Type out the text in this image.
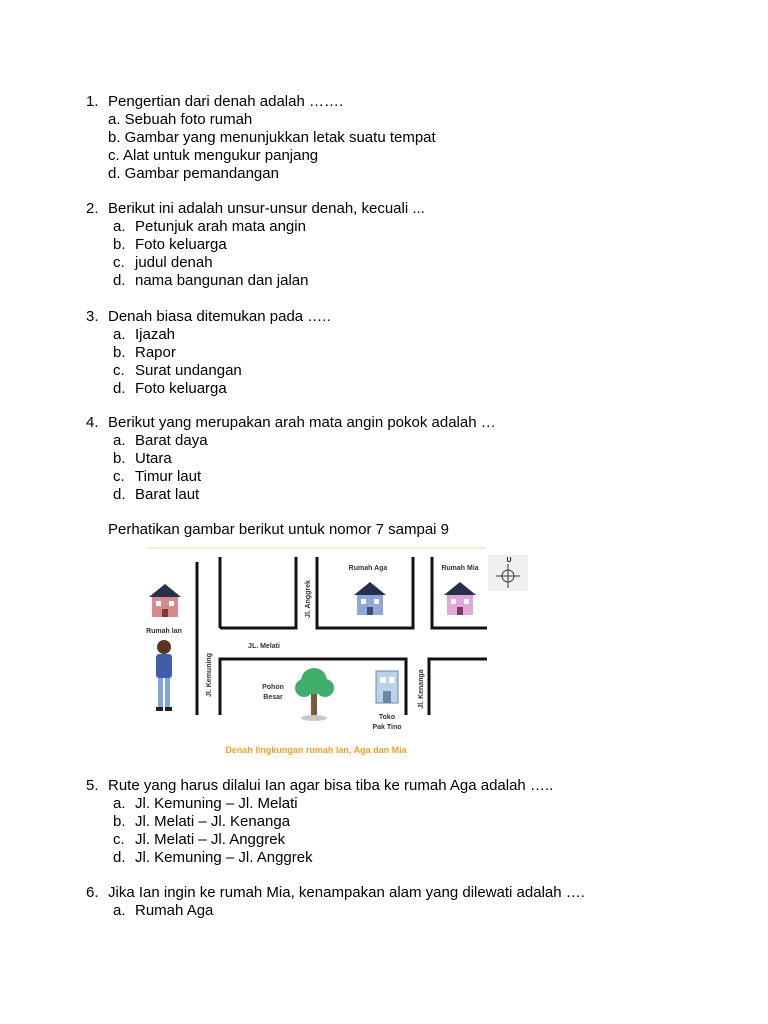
1. Pengertian dari denah adalah …….
a. Sebuah foto rumah
b. Gambar yang menunjukkan letak suatu tempat
c. Alat untuk mengukur panjang
d. Gambar pemandangan
2. Berikut ini adalah unsur-unsur denah, kecuali ...
a. Petunjuk arah mata angin
b. Foto keluarga
c. judul denah
d. nama bangunan dan jalan
3. Denah biasa ditemukan pada …..
a. Ijazah
b. Rapor
c. Surat undangan
d. Foto keluarga
4. Berikut yang merupakan arah mata angin pokok adalah …
a. Barat daya
b. Utara
c. Timur laut
d. Barat laut
Perhatikan gambar berikut untuk nomor 7 sampai 9
U
Rumah Ian
Rumah Aga	Rumah Mia
JL. Melati
Jl. Anggrek
Jl. Kemuning	Jl. Kenanga
Pohon
Besar
Toko
Pak Tino
Denah lingkungan rumah Ian, Aga dan Mia
5. Rute yang harus dilalui Ian agar bisa tiba ke rumah Aga adalah …..
a. Jl. Kemuning – Jl. Melati
b. Jl. Melati – Jl. Kenanga
c. Jl. Melati – Jl. Anggrek
d. Jl. Kemuning – Jl. Anggrek
6. Jika Ian ingin ke rumah Mia, kenampakan alam yang dilewati adalah ….
a. Rumah Aga
